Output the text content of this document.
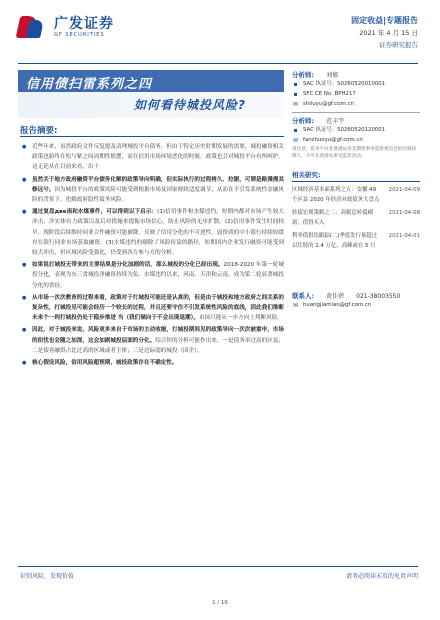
广发证券
GF SECURITIES
固定收益|专题报告
2021 年 4 月 15 日
证券研究报告
信用债扫雷系列之四
如何看待城投风险?
报告摘要:

● 近些年来，虽然政府文件反复提及清理城投平台债务，但由于特定历史时期发展的需要，城投融资相关政策也始终在松与紧之间周期性摇摆，而在信用市场环境恶化的时候，政策也会对城投平台有所呵护。这无论从在目前来看，出于

● 虽然关于地方政府融资平台债务化解的政策导向明确，但实际执行的过程将久、拉锯，可谓是路漫漫其修远兮。因为城投平台的政策风险可能受到根据市场及国家财政适度调节，从而在不引发系统性金融风险的背景下，化解政府隐性债务风险。

● 通过复盘две南和水煤事件，可以得到以下启示：(1)信用事件和水煤违约，短期内都对市场产生较大冲击，涉实体有力政策以及后对措施来提振市场信心，防止风险的无序扩散。(2)信用事件发生时间较早，现阶段后续维持同业合作融资可能被降。反映了信用分化的不可逆性，弱资质的中小银行持续较缓存在银行同业市场获取融资。(3)水煤违约的剔除了风险传染的路径，短期国内企业发行融资可能受到较大冲击，但区域风险受强化，仍受到各方参与方的分析。

● 如果说打城投无带来的主要结果是分化加剧的话，那么城投的分化已经出现。2018-2020 年第一轮城投分化，表现为东三省城投净融资持续为负、水煤违约以来，河南、天津和云南，成为第二轮显著城投分化的省份。

● 从市场一次次教育的过程来看，政策对于打城投可能还是认真的，但是由于城投和地方政府之间关系的复杂性，打城投见可能会经历一个较长的过程，并且还要守住不引发系统性风险的底线，因此我们推断未来个一则打城投仍处于稳步推进 当（我们倾向于不会出现退潮）。市场只能从一步方向上判断风险。

● 因此，对于城投来说，风险更多来自于市场的主动收缩，打城投期间见的政策导向一次次被重申，市场的担忧也会随之加深，这会加剧城投层面的分化。综合你的分析可能作出来，一是债务率过高的区县；二是债券融资占比过高的区域或者主体；三是边际弱的城投（国企）。

● 核心假设风险，信用风险超预期，城投政策存在不确定性。

分析师: 刘郁
▪ SAC 执证号：S0260520010001
▪ SFC CE No. BPH217
✉ shliuyu@gf.com.cn
分析师: 范丰宇
▪ SAC 执证号：S0260520120001
✉ fanzhuoyu@gf.com.cn
请注意，范卓宇并非香港证券及期货事务监察委员会的注册持牌人，不可在香港从事受监管活动。
相关研究:
区域经济基本面系列之五：安徽 49 个区县 2020 年经济对政债务大盘点
2021-04-09
转债宏观策略之二：高税息转债刷新，值得买入
2021-04-08
利率债供给跟踪(二)季度发行量超过以往特的 2.4 万亿，高峰或在 5 月
2021-04-01
联系人: 黄佳蓓 021-38003550
✉ huangjiamiao@gf.com.cn
识别风险，发现价值	请务必阅读末页的免责声明
1 / 16
